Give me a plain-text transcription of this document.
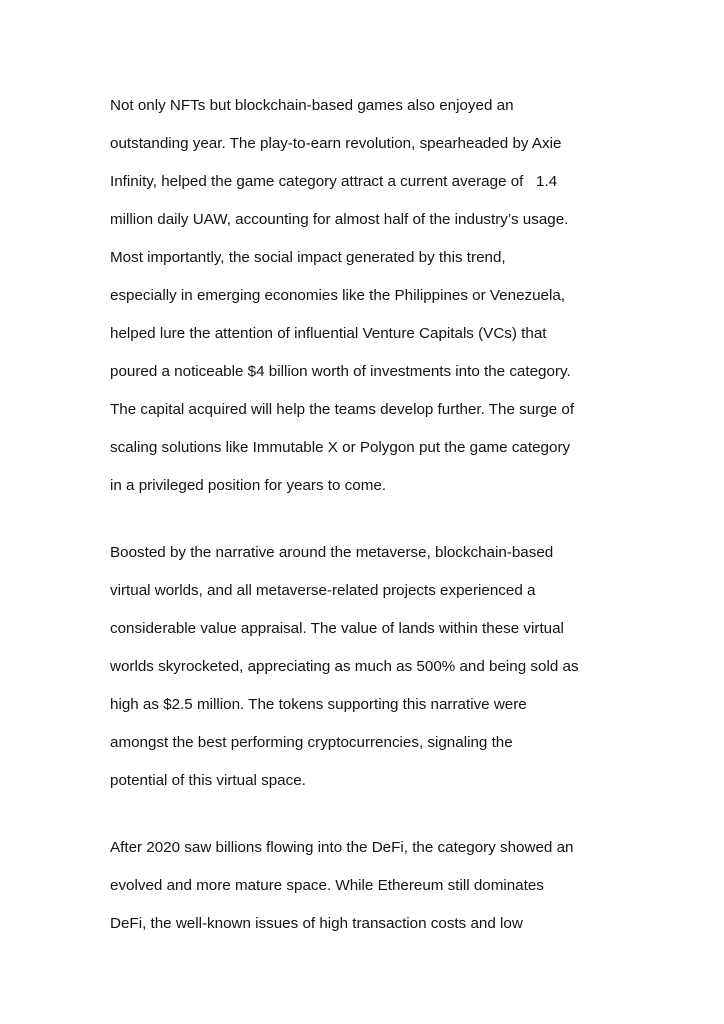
Not only NFTs but blockchain-based games also enjoyed an
outstanding year. The play-to-earn revolution, spearheaded by Axie
Infinity, helped the game category attract a current average of   1.4
million daily UAW, accounting for almost half of the industry’s usage.
Most importantly, the social impact generated by this trend,
especially in emerging economies like the Philippines or Venezuela,
helped lure the attention of influential Venture Capitals (VCs) that
poured a noticeable $4 billion worth of investments into the category.
The capital acquired will help the teams develop further. The surge of
scaling solutions like Immutable X or Polygon put the game category
in a privileged position for years to come.
Boosted by the narrative around the metaverse, blockchain-based
virtual worlds, and all metaverse-related projects experienced a
considerable value appraisal. The value of lands within these virtual
worlds skyrocketed, appreciating as much as 500% and being sold as
high as $2.5 million. The tokens supporting this narrative were
amongst the best performing cryptocurrencies, signaling the
potential of this virtual space.
After 2020 saw billions flowing into the DeFi, the category showed an
evolved and more mature space. While Ethereum still dominates
DeFi, the well-known issues of high transaction costs and low
